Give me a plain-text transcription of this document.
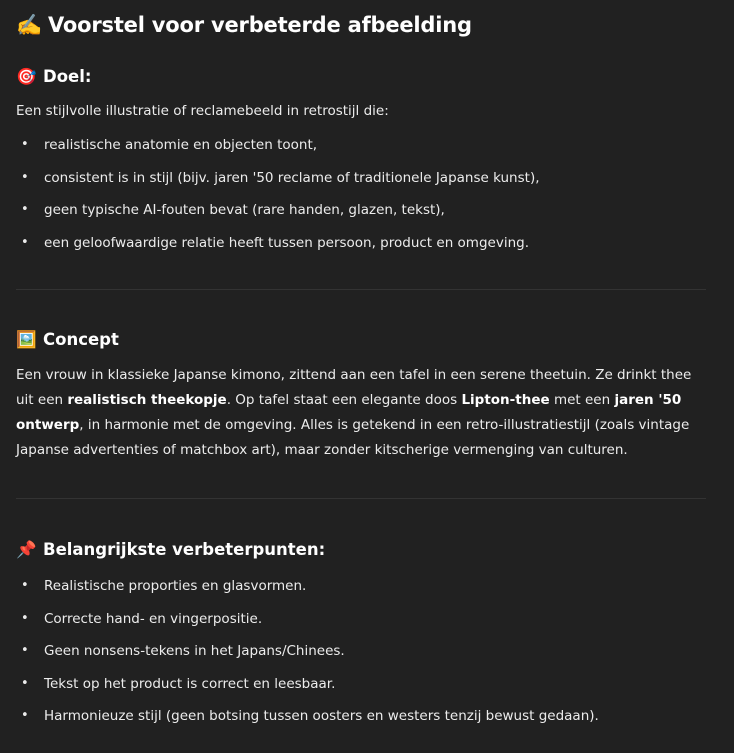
✍️ Voorstel voor verbeterde afbeelding
🎯 Doel:

Een stijlvolle illustratie of reclamebeeld in retrostijl die:

• realistische anatomie en objecten toont,
• consistent is in stijl (bijv. jaren '50 reclame of traditionele Japanse kunst),
• geen typische AI-fouten bevat (rare handen, glazen, tekst),
• een geloofwaardige relatie heeft tussen persoon, product en omgeving.
🖼️ Concept

Een vrouw in klassieke Japanse kimono, zittend aan een tafel in een serene theetuin. Ze drinkt thee uit een realistisch theekopje. Op tafel staat een elegante doos Lipton-thee met een jaren '50 ontwerp, in harmonie met de omgeving. Alles is getekend in een retro-illustratiestijl (zoals vintage Japanse advertenties of matchbox art), maar zonder kitscherige vermenging van culturen.

📌 Belangrijkste verbeterpunten:
• Realistische proporties en glasvormen.
• Correcte hand- en vingerpositie.
• Geen nonsens-tekens in het Japans/Chinees.
• Tekst op het product is correct en leesbaar.
• Harmonieuze stijl (geen botsing tussen oosters en westers tenzij bewust gedaan).
